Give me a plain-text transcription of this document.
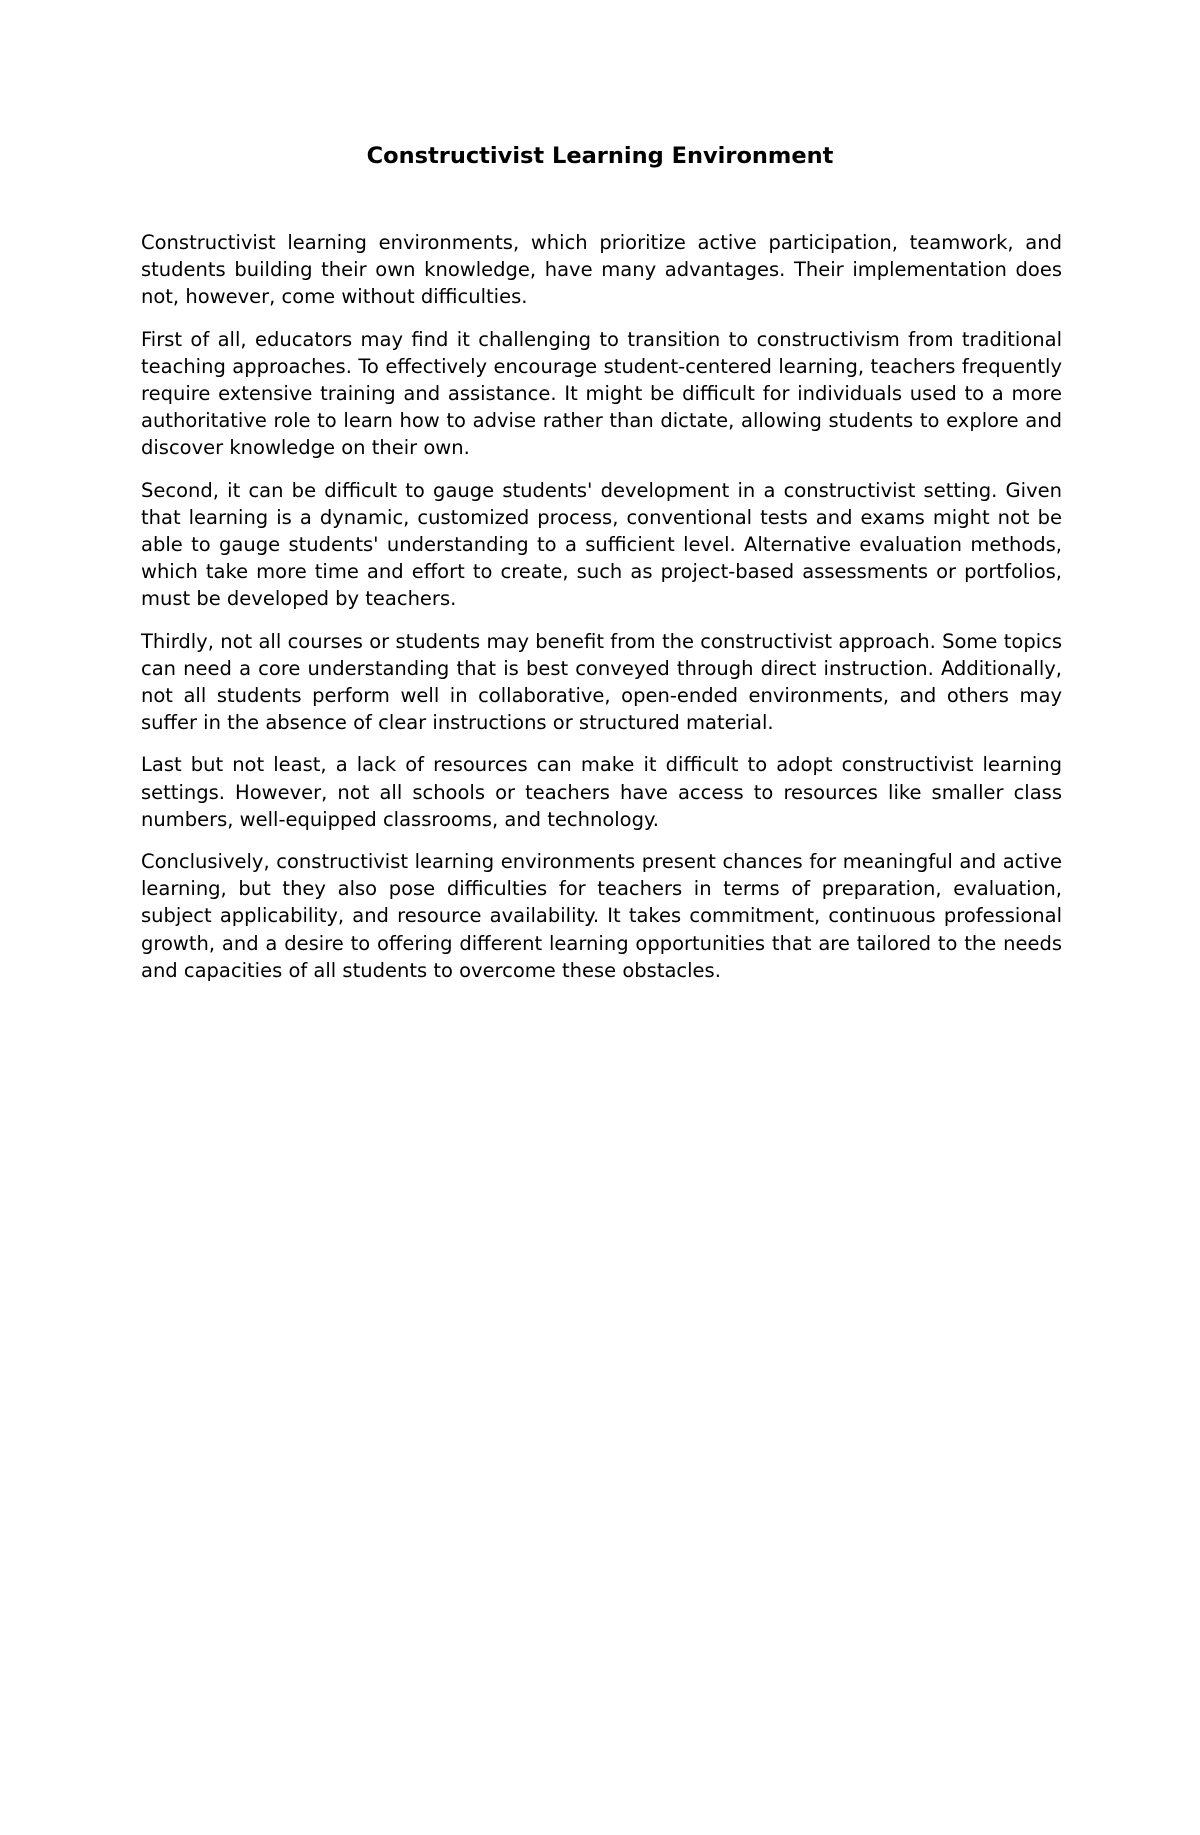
Constructivist Learning Environment

Constructivist learning environments, which prioritize active participation, teamwork, and students building their own knowledge, have many advantages. Their implementation does not, however, come without difficulties.

First of all, educators may find it challenging to transition to constructivism from traditional teaching approaches. To effectively encourage student-centered learning, teachers frequently require extensive training and assistance. It might be difficult for individuals used to a more authoritative role to learn how to advise rather than dictate, allowing students to explore and discover knowledge on their own.

Second, it can be difficult to gauge students' development in a constructivist setting. Given that learning is a dynamic, customized process, conventional tests and exams might not be able to gauge students' understanding to a sufficient level. Alternative evaluation methods, which take more time and effort to create, such as project-based assessments or portfolios, must be developed by teachers.

Thirdly, not all courses or students may benefit from the constructivist approach. Some topics can need a core understanding that is best conveyed through direct instruction. Additionally, not all students perform well in collaborative, open-ended environments, and others may suffer in the absence of clear instructions or structured material.

Last but not least, a lack of resources can make it difficult to adopt constructivist learning settings. However, not all schools or teachers have access to resources like smaller class numbers, well-equipped classrooms, and technology.

Conclusively, constructivist learning environments present chances for meaningful and active learning, but they also pose difficulties for teachers in terms of preparation, evaluation, subject applicability, and resource availability. It takes commitment, continuous professional growth, and a desire to offering different learning opportunities that are tailored to the needs and capacities of all students to overcome these obstacles.
